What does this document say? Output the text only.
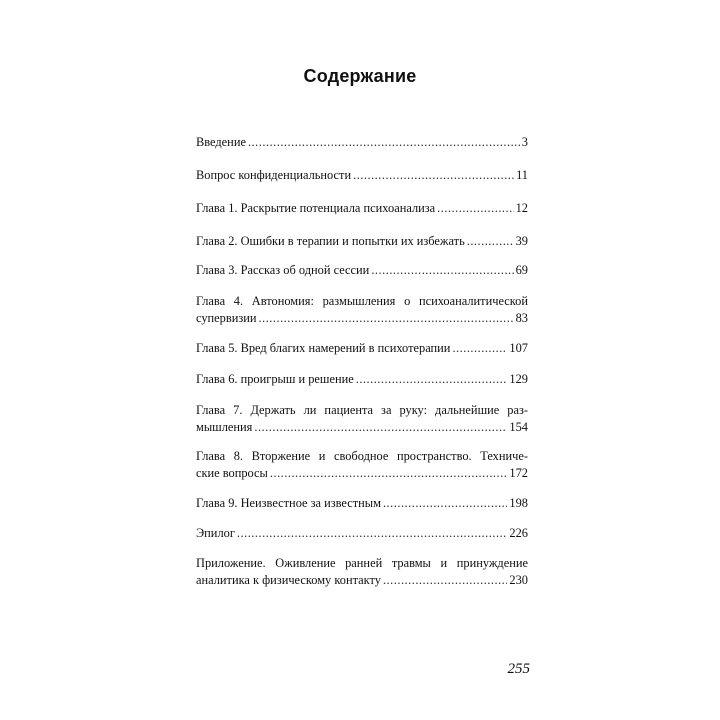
Содержание
Введение .....	3
Вопрос конфиденциальности .....	11
Глава 1. Раскрытие потенциала психоанализа .....	12
Глава 2. Ошибки в терапии и попытки их избежать .....	39
Глава 3. Рассказ об одной сессии .....	69
Глава 4. Автономия: размышления о психоаналитической
супервизии .....	83
Глава 5. Вред благих намерений в психотерапии .....	107
Глава 6. проигрыш и решение .....	129
Глава 7. Держать ли пациента за руку: дальнейшие раз-
мышления .....	154
Глава 8. Вторжение и свободное пространство. Техниче-
ские вопросы .....	172
Глава 9. Неизвестное за известным .....	198
Эпилог .....	226
Приложение. Оживление ранней травмы и принуждение
аналитика к физическому контакту .....	230
255
